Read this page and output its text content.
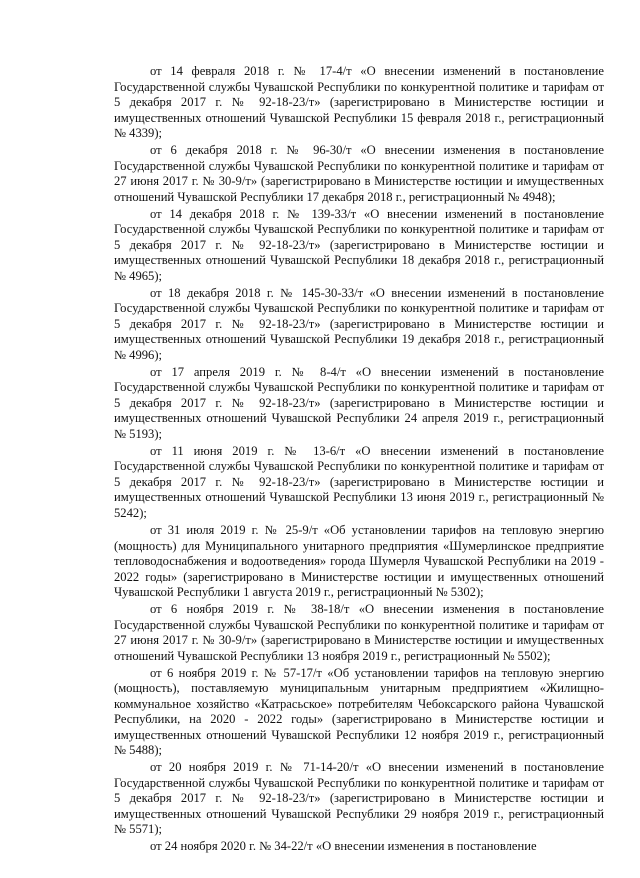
от 14 февраля 2018 г. № 17-4/т «О внесении изменений в постановление Государственной службы Чувашской Республики по конкурентной политике и тарифам от 5 декабря 2017 г. № 92-18-23/т» (зарегистрировано в Министерстве юстиции и имущественных отношений Чувашской Республики 15 февраля 2018 г., регистрационный № 4339);

от 6 декабря 2018 г. № 96-30/т «О внесении изменения в постановление Государственной службы Чувашской Республики по конкурентной политике и тарифам от 27 июня 2017 г. № 30-9/т» (зарегистрировано в Министерстве юстиции и имущественных отношений Чувашской Республики 17 декабря 2018 г., регистрационный № 4948);

от 14 декабря 2018 г. № 139-33/т «О внесении изменений в постановление Государственной службы Чувашской Республики по конкурентной политике и тарифам от 5 декабря 2017 г. № 92-18-23/т» (зарегистрировано в Министерстве юстиции и имущественных отношений Чувашской Республики 18 декабря 2018 г., регистрационный № 4965);

от 18 декабря 2018 г. № 145-30-33/т «О внесении изменений в постановление Государственной службы Чувашской Республики по конкурентной политике и тарифам от 5 декабря 2017 г. № 92-18-23/т» (зарегистрировано в Министерстве юстиции и имущественных отношений Чувашской Республики 19 декабря 2018 г., регистрационный № 4996);

от 17 апреля 2019 г. № 8-4/т «О внесении изменений в постановление Государственной службы Чувашской Республики по конкурентной политике и тарифам от 5 декабря 2017 г. № 92-18-23/т» (зарегистрировано в Министерстве юстиции и имущественных отношений Чувашской Республики 24 апреля 2019 г., регистрационный № 5193);

от 11 июня 2019 г. № 13-6/т «О внесении изменений в постановление Государственной службы Чувашской Республики по конкурентной политике и тарифам от 5 декабря 2017 г. № 92-18-23/т» (зарегистрировано в Министерстве юстиции и имущественных отношений Чувашской Республики 13 июня 2019 г., регистрационный № 5242);

от 31 июля 2019 г. № 25-9/т «Об установлении тарифов на тепловую энергию (мощность) для Муниципального унитарного предприятия «Шумерлинское предприятие тепловодоснабжения и водоотведения» города Шумерля Чувашской Республики на 2019 - 2022 годы» (зарегистрировано в Министерстве юстиции и имущественных отношений Чувашской Республики 1 августа 2019 г., регистрационный № 5302);

от 6 ноября 2019 г. № 38-18/т «О внесении изменения в постановление Государственной службы Чувашской Республики по конкурентной политике и тарифам от 27 июня 2017 г. № 30-9/т» (зарегистрировано в Министерстве юстиции и имущественных отношений Чувашской Республики 13 ноября 2019 г., регистрационный № 5502);

от 6 ноября 2019 г. № 57-17/т «Об установлении тарифов на тепловую энергию (мощность), поставляемую муниципальным унитарным предприятием «Жилищно-коммунальное хозяйство «Катрасьское» потребителям Чебоксарского района Чувашской Республики, на 2020 - 2022 годы» (зарегистрировано в Министерстве юстиции и имущественных отношений Чувашской Республики 12 ноября 2019 г., регистрационный № 5488);

от 20 ноября 2019 г. № 71-14-20/т «О внесении изменений в постановление Государственной службы Чувашской Республики по конкурентной политике и тарифам от 5 декабря 2017 г. № 92-18-23/т» (зарегистрировано в Министерстве юстиции и имущественных отношений Чувашской Республики 29 ноября 2019 г., регистрационный № 5571);

от 24 ноября 2020 г. № 34-22/т «О внесении изменения в постановление
